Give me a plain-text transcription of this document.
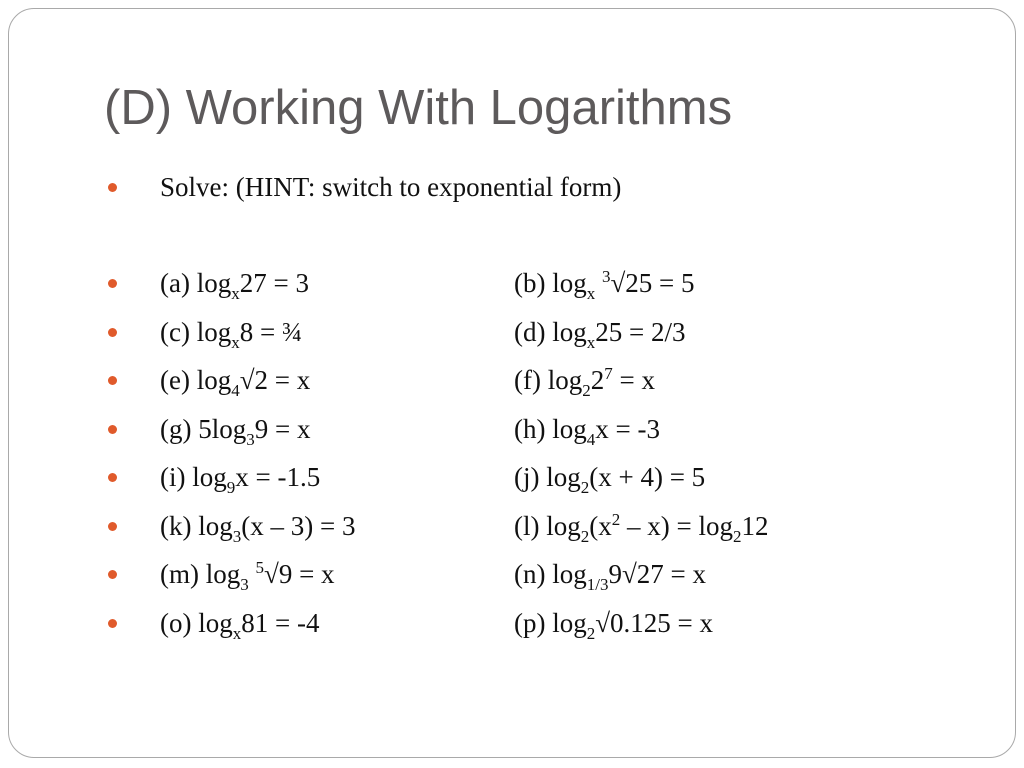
(D) Working With Logarithms
Solve: (HINT: switch to exponential form)
(a) $\log_x27 = 3$	(b) $\log_x ^3√25 = 5$
(c) $\log_x8$ = ¾	(d) $\log_x25 = 2/3$
(e) $\log_4√2 = x$	(f) $\log_22^7 = x$
(g) $5\log_39 = x$	(h) $\log_4x = -3$
(i) $\log_9x = -1.5$	(j) $\log_2(x + 4) = 5$
(k) $\log_3(x - 3) = 3$	(l) $\log_2(x^2 - x) = \log_212$
(m) $\log_3 ^5√9 = x$	(n) $\log_{1/3}9√27 = x$
(o) $\log_x81 = -4$	(p) $\log_2√0.125 = x$
